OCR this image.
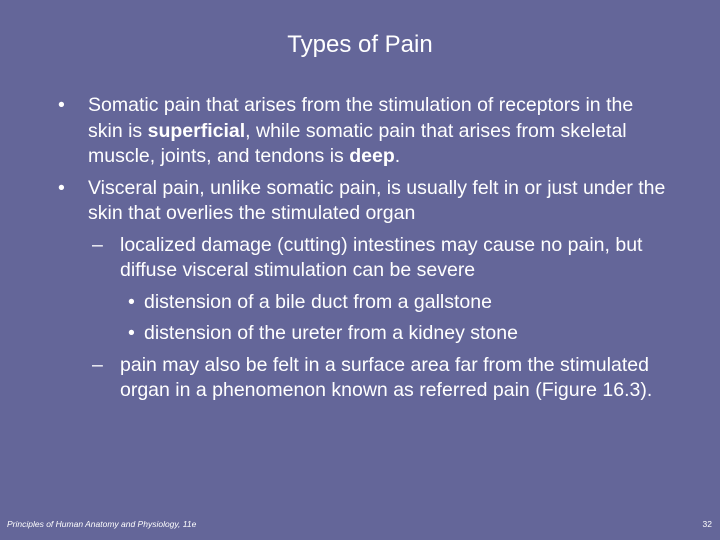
Types of Pain
• Somatic pain that arises from the stimulation of receptors in the skin is superficial, while somatic pain that arises from skeletal muscle, joints, and tendons is deep.
• Visceral pain, unlike somatic pain, is usually felt in or just under the skin that overlies the stimulated organ
– localized damage (cutting) intestines may cause no pain, but diffuse visceral stimulation can be severe
• distension of a bile duct from a gallstone
• distension of the ureter from a kidney stone
– pain may also be felt in a surface area far from the stimulated organ in a phenomenon known as referred pain (Figure 16.3).
Principles of Human Anatomy and Physiology, 11e	32
